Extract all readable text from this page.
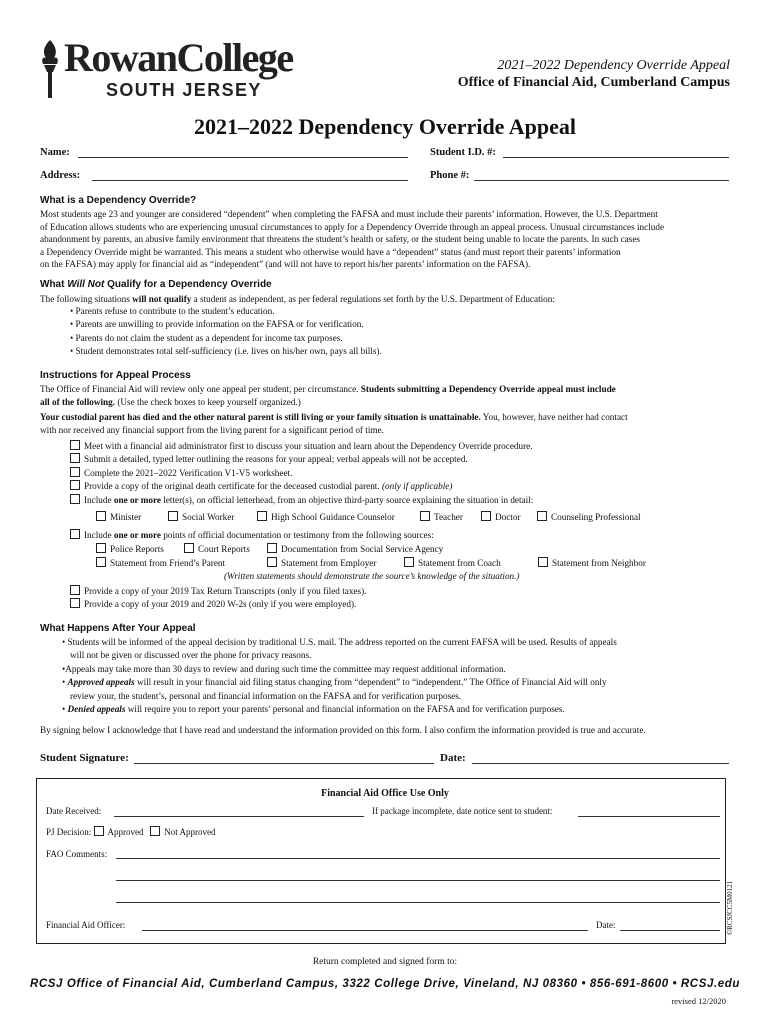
RowanCollege
SOUTH JERSEY
2021–2022 Dependency Override Appeal
Office of Financial Aid, Cumberland Campus
2021–2022 Dependency Override Appeal
Name:	Student I.D. #:
Address:	Phone #:
What is a Dependency Override?
Most students age 23 and younger are considered “dependent” when completing the FAFSA and must include their parents’ information. However, the U.S. Department
of Education allows students who are experiencing unusual circumstances to apply for a Dependency Override through an appeal process. Unusual circumstances include
abandonment by parents, an abusive family environment that threatens the student’s health or safety, or the student being unable to locate the parents. In such cases
a Dependency Override might be warranted. This means a student who otherwise would have a “dependent” status (and must report their parents’ information
on the FAFSA) may apply for financial aid as “independent” (and will not have to report his/her parents’ information on the FAFSA).
What Will Not Qualify for a Dependency Override
The following situations will not qualify a student as independent, as per federal regulations set forth by the U.S. Department of Education:
• Parents refuse to contribute to the student’s education.
• Parents are unwilling to provide information on the FAFSA or for verification.
• Parents do not claim the student as a dependent for income tax purposes.
• Student demonstrates total self-sufficiency (i.e. lives on his/her own, pays all bills).
Instructions for Appeal Process
The Office of Financial Aid will review only one appeal per student, per circumstance. Students submitting a Dependency Override appeal must include
all of the following. (Use the check boxes to keep yourself organized.)
Your custodial parent has died and the other natural parent is still living or your family situation is unattainable. You, however, have neither had contact
with nor received any financial support from the living parent for a significant period of time.
Meet with a financial aid administrator first to discuss your situation and learn about the Dependency Override procedure.
Submit a detailed, typed letter outlining the reasons for your appeal; verbal appeals will not be accepted.
Complete the 2021–2022 Verification V1-V5 worksheet.
Provide a copy of the original death certificate for the deceased custodial parent. (only if applicable)
Include one or more letter(s), on official letterhead, from an objective third-party source explaining the situation in detail:
Minister	Social Worker	High School Guidance Counselor	Teacher	Doctor	Counseling Professional
Include one or more points of official documentation or testimony from the following sources:
Police Reports	Court Reports	Documentation from Social Service Agency
Statement from Friend’s Parent	Statement from Employer	Statement from Coach	Statement from Neighbor
(Written statements should demonstrate the source’s knowledge of the situation.)
Provide a copy of your 2019 Tax Return Transcripts (only if you filed taxes).
Provide a copy of your 2019 and 2020 W-2s (only if you were employed).
What Happens After Your Appeal
• Students will be informed of the appeal decision by traditional U.S. mail. The address reported on the current FAFSA will be used. Results of appeals
will not be given or discussed over the phone for privacy reasons.
•Appeals may take more than 30 days to review and during such time the committee may request additional information.
• Approved appeals will result in your financial aid filing status changing from “dependent” to “independent.” The Office of Financial Aid will only
review your, the student’s, personal and financial information on the FAFSA and for verification purposes.
• Denied appeals will require you to report your parents’ personal and financial information on the FAFSA and for verification purposes.
By signing below I acknowledge that I have read and understand the information provided on this form. I also confirm the information provided is true and accurate.
Student Signature:	Date:
Financial Aid Office Use Only
Date Received:	If package incomplete, date notice sent to student:
PJ Decision: Approved Not Approved
FAO Comments:
Financial Aid Officer:	Date:	©RCSJCC5M0121
Return completed and signed form to:
RCSJ Office of Financial Aid, Cumberland Campus, 3322 College Drive, Vineland, NJ 08360 • 856-691-8600 • RCSJ.edu
revised 12/2020
